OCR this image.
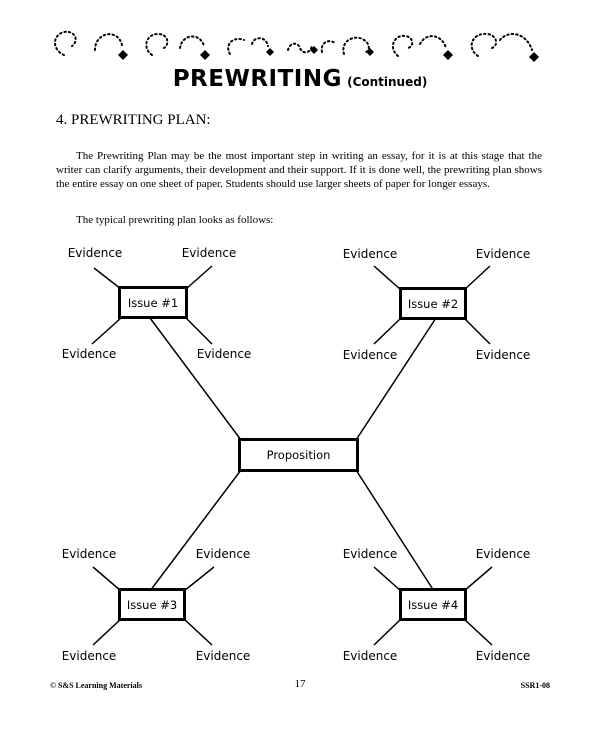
PREWRITING (Continued)
4. PREWRITING PLAN:
The Prewriting Plan may be the most important step in writing an essay, for it is at this stage that the writer can clarify arguments, their development and their support. If it is done well, the prewriting plan shows the entire essay on one sheet of paper. Students should use larger sheets of paper for longer essays.
The typical prewriting plan looks as follows:
Proposition
Issue #1	Issue #2
Issue #3	Issue #4
Evidence	Evidence
Evidence	Evidence
Evidence	Evidence
Evidence	Evidence
Evidence	Evidence
Evidence	Evidence
Evidence	Evidence
Evidence	Evidence
© S&S Learning Materials	17	SSR1-08
